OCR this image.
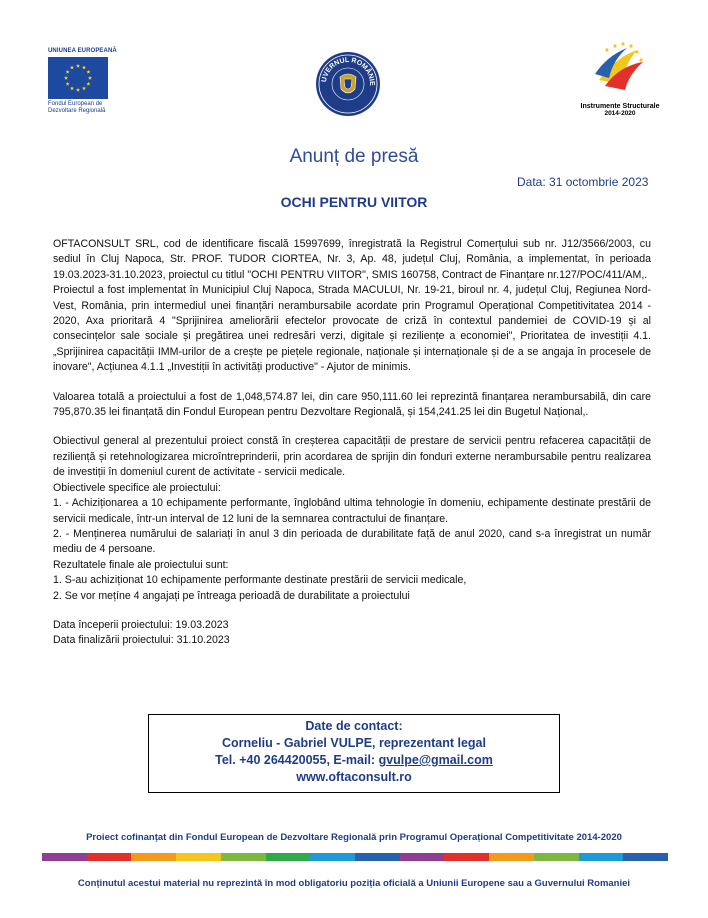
UNIUNEA EUROPEANĂ
Fondul European de
Dezvoltare Regională
UVERNUL ROMÂNIE
Instrumente Structurale
2014-2020
Anunț de presă
Data: 31 octombrie 2023
OCHI PENTRU VIITOR

OFTACONSULT SRL, cod de identificare fiscală 15997699, înregistrată la Registrul Comerțului sub nr. J12/3566/2003, cu sediul în Cluj Napoca, Str. PROF. TUDOR CIORTEA, Nr. 3, Ap. 48, județul Cluj, România, a implementat, în perioada 19.03.2023-31.10.2023, proiectul cu titlul "OCHI PENTRU VIITOR", SMIS 160758, Contract de Finanțare nr.127/POC/411/AM,.

Proiectul a fost implementat în Municipiul Cluj Napoca, Strada MACULUI, Nr. 19-21, biroul nr. 4, județul Cluj, Regiunea Nord-Vest, România, prin intermediul unei finanțări nerambursabile acordate prin Programul Operațional Competitivitatea 2014 - 2020, Axa prioritară 4 "Sprijinirea ameliorării efectelor provocate de criză în contextul pandemiei de COVID-19 și al consecințelor sale sociale și pregătirea unei redresări verzi, digitale și reziliențe a economiei", Prioritatea de investiții 4.1. „Sprijinirea capacității IMM-urilor de a crește pe piețele regionale, naționale și internaționale și de a se angaja în procesele de inovare", Acțiunea 4.1.1 „Investiții în activități productive" - Ajutor de minimis.

Valoarea totală a proiectului a fost de 1,048,574.87 lei, din care 950,111.60 lei reprezintă finanțarea nerambursabilă, din care 795,870.35 lei finanțată din Fondul European pentru Dezvoltare Regională, și 154,241.25 lei din Bugetul Național,.

Obiectivul general al prezentului proiect constă în creșterea capacității de prestare de servicii pentru refacerea capacității de reziliență și retehnologizarea microîntreprinderii, prin acordarea de sprijin din fonduri externe nerambursabile pentru realizarea de investiții în domeniul curent de activitate - servicii medicale.

Obiectivele specifice ale proiectului:

1. - Achiziționarea a 10 echipamente performante, înglobând ultima tehnologie în domeniu, echipamente destinate prestării de servicii medicale, într-un interval de 12 luni de la semnarea contractului de finanțare.

2. - Menținerea numărului de salariați în anul 3 din perioada de durabilitate față de anul 2020, cand s-a înregistrat un număr mediu de 4 persoane.

Rezultatele finale ale proiectului sunt:

1. S-au achiziționat 10 echipamente performante destinate prestării de servicii medicale,

2. Se vor mețíne 4 angajați pe întreaga perioadă de durabilitate a proiectului

Data începerii proiectului: 19.03.2023

Data finalizării proiectului: 31.10.2023

Date de contact:
Corneliu - Gabriel VULPE, reprezentant legal
Tel. +40 264420055, E-mail: gvulpe@gmail.com
www.oftaconsult.ro
Proiect cofinanțat din Fondul European de Dezvoltare Regională prin Programul Operațional Competitivitate 2014-2020
Conținutul acestui material nu reprezintă în mod obligatoriu poziția oficială a Uniunii Europene sau a Guvernului Romaniei
